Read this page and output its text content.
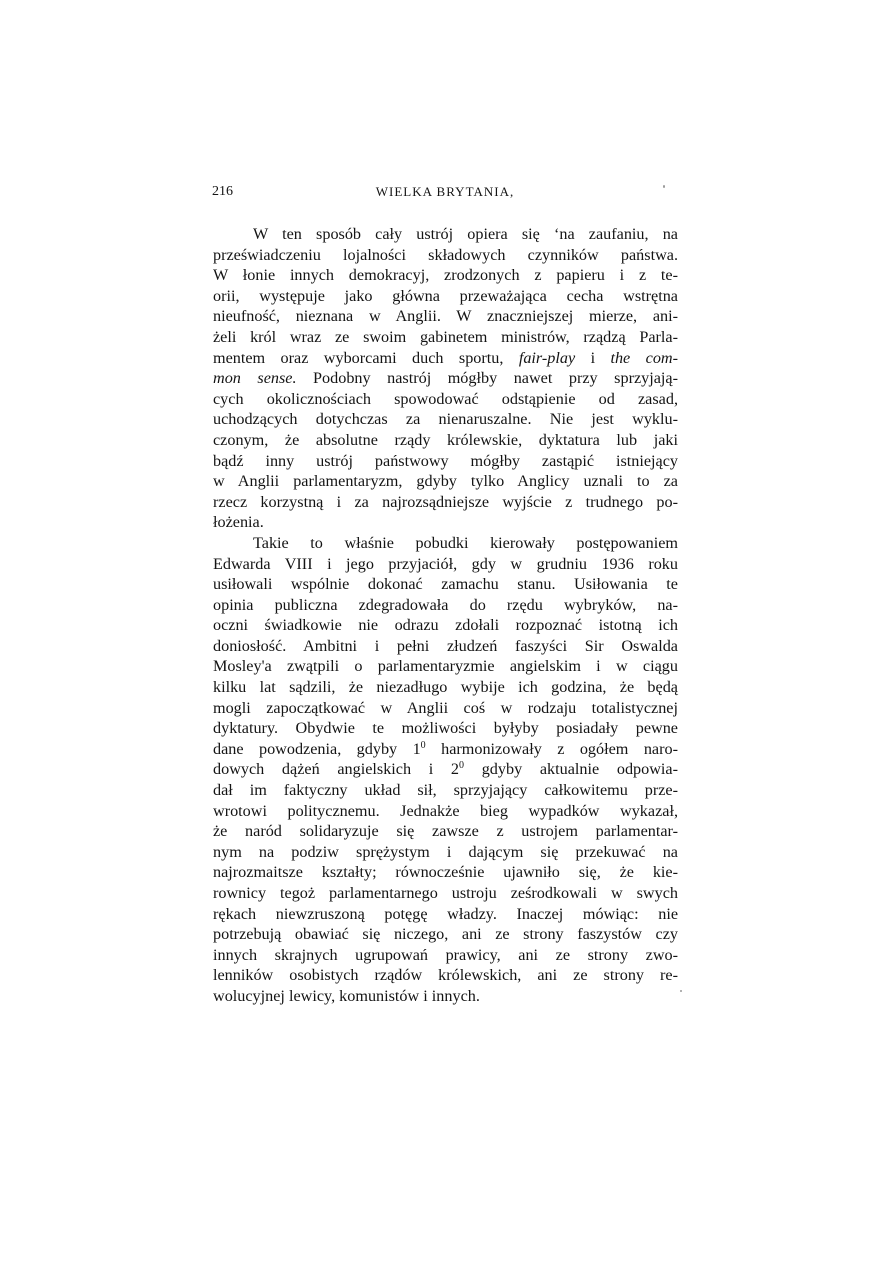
216	WIELKA BRYTANIA,
W ten sposób cały ustrój opiera się ‘na zaufaniu, na
przeświadczeniu lojalności składowych czynników państwa.
W łonie innych demokracyj, zrodzonych z papieru i z te-
orii, występuje jako główna przeważająca cecha wstrętna
nieufność, nieznana w Anglii. W znaczniejszej mierze, ani-
żeli król wraz ze swoim gabinetem ministrów, rządzą Parla-
mentem oraz wyborcami duch sportu, fair-play i the com-
mon sense. Podobny nastrój mógłby nawet przy sprzyjają-
cych okolicznościach spowodować odstąpienie od zasad,
uchodzących dotychczas za nienaruszalne. Nie jest wyklu-
czonym, że absolutne rządy królewskie, dyktatura lub jaki
bądź inny ustrój państwowy mógłby zastąpić istniejący
w Anglii parlamentaryzm, gdyby tylko Anglicy uznali to za
rzecz korzystną i za najrozsądniejsze wyjście z trudnego po-
łożenia.
Takie to właśnie pobudki kierowały postępowaniem
Edwarda VIII i jego przyjaciół, gdy w grudniu 1936 roku
usiłowali wspólnie dokonać zamachu stanu. Usiłowania te
opinia publiczna zdegradowała do rzędu wybryków, na-
oczni świadkowie nie odrazu zdołali rozpoznać istotną ich
doniosłość. Ambitni i pełni złudzeń faszyści Sir Oswalda
Mosley'a zwątpili o parlamentaryzmie angielskim i w ciągu
kilku lat sądzili, że niezadługo wybije ich godzina, że będą
mogli zapoczątkować w Anglii coś w rodzaju totalistycznej
dyktatury. Obydwie te możliwości byłyby posiadały pewne
dane powodzenia, gdyby $1^0$ harmonizowały z ogółem naro-
dowych dążeń angielskich i $2^0$ gdyby aktualnie odpowia-
dał im faktyczny układ sił, sprzyjający całkowitemu prze-
wrotowi politycznemu. Jednakże bieg wypadków wykazał,
że naród solidaryzuje się zawsze z ustrojem parlamentar-
nym na podziw sprężystym i dającym się przekuwać na
najrozmaitsze kształty; równocześnie ujawniło się, że kie-
rownicy tegoż parlamentarnego ustroju ześrodkowali w swych
rękach niewzruszoną potęgę władzy. Inaczej mówiąc: nie
potrzebują obawiać się niczego, ani ze strony faszystów czy
innych skrajnych ugrupowań prawicy, ani ze strony zwo-
lenników osobistych rządów królewskich, ani ze strony re-
wolucyjnej lewicy, komunistów i innych.
